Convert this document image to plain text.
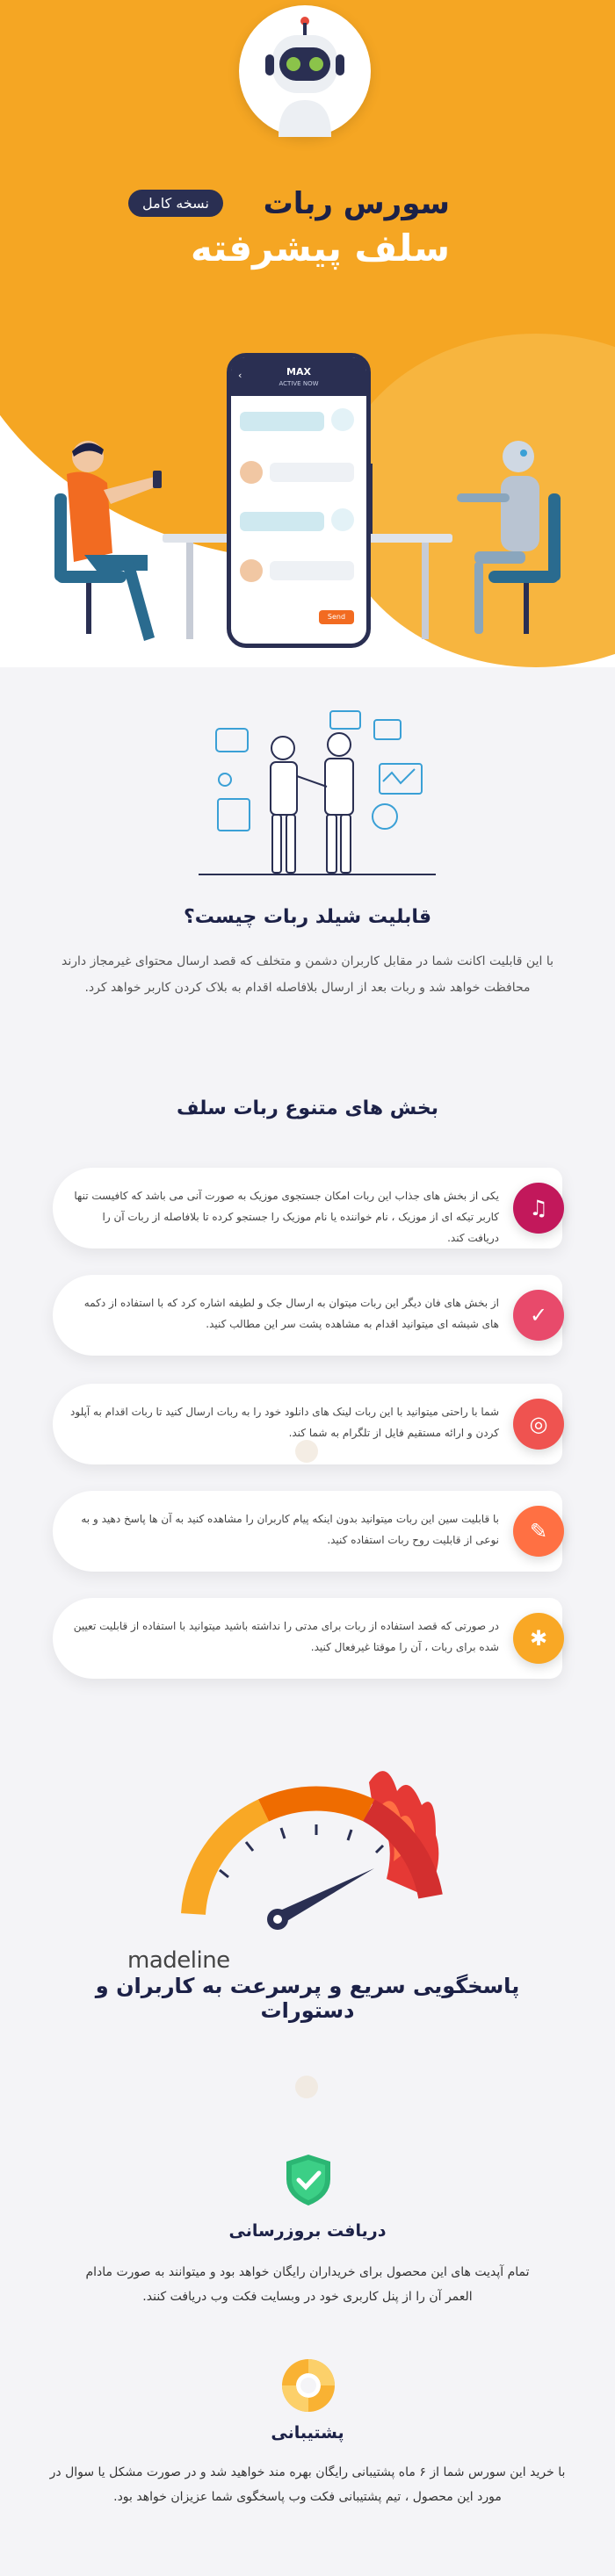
نسخه کامل	سورس ربات
سلف پیشرفته
MAX
ACTIVE NOW
‹
Send
قابلیت شیلد ربات چیست؟
با این قابلیت اکانت شما در مقابل کاربران دشمن و متخلف که قصد ارسال محتوای غیرمجاز دارند محافظت خواهد شد و ربات بعد از ارسال بلافاصله اقدام به بلاک کردن کاربر خواهد کرد.
بخش های متنوع ربات سلف
♫
یکی از بخش های جذاب این ربات امکان جستجوی موزیک به صورت آنی می باشد که کافیست تنها کاربر تیکه ای از موزیک ، نام خواننده یا نام موزیک را جستجو کرده تا بلافاصله از ربات آن را دریافت کند.
✓
از بخش های فان دیگر این ربات میتوان به ارسال جک و لطیفه اشاره کرد که با استفاده از دکمه های شیشه ای میتوانید اقدام به مشاهده پشت سر این مطالب کنید.
◎
شما با راحتی میتوانید با این ربات لینک های دانلود خود را به ربات ارسال کنید تا ربات اقدام به آپلود کردن و ارائه مستقیم فایل از تلگرام به شما کند.
✎
با قابلیت سین این ربات میتوانید بدون اینکه پیام کاربران را مشاهده کنید به آن ها پاسخ دهید و به نوعی از قابلیت روح ربات استفاده کنید.
✱
در صورتی که قصد استفاده از ربات برای مدتی را نداشته باشید میتوانید با استفاده از قابلیت تعیین شده برای ربات ، آن را موقتا غیرفعال کنید.
madeline
پاسخگویی سریع و پرسرعت به کاربران و دستورات
دریافت بروزرسانی
تمام آپدیت های این محصول برای خریداران رایگان خواهد بود و میتوانند به صورت مادام العمر آن را از پنل کاربری خود در وبسایت فکت وب دریافت کنند.
پشتیبانی
با خرید این سورس شما از ۶ ماه پشتیبانی رایگان بهره مند خواهید شد و در صورت مشکل یا سوال در مورد این محصول ، تیم پشتیبانی فکت وب پاسخگوی شما عزیزان خواهد بود.
